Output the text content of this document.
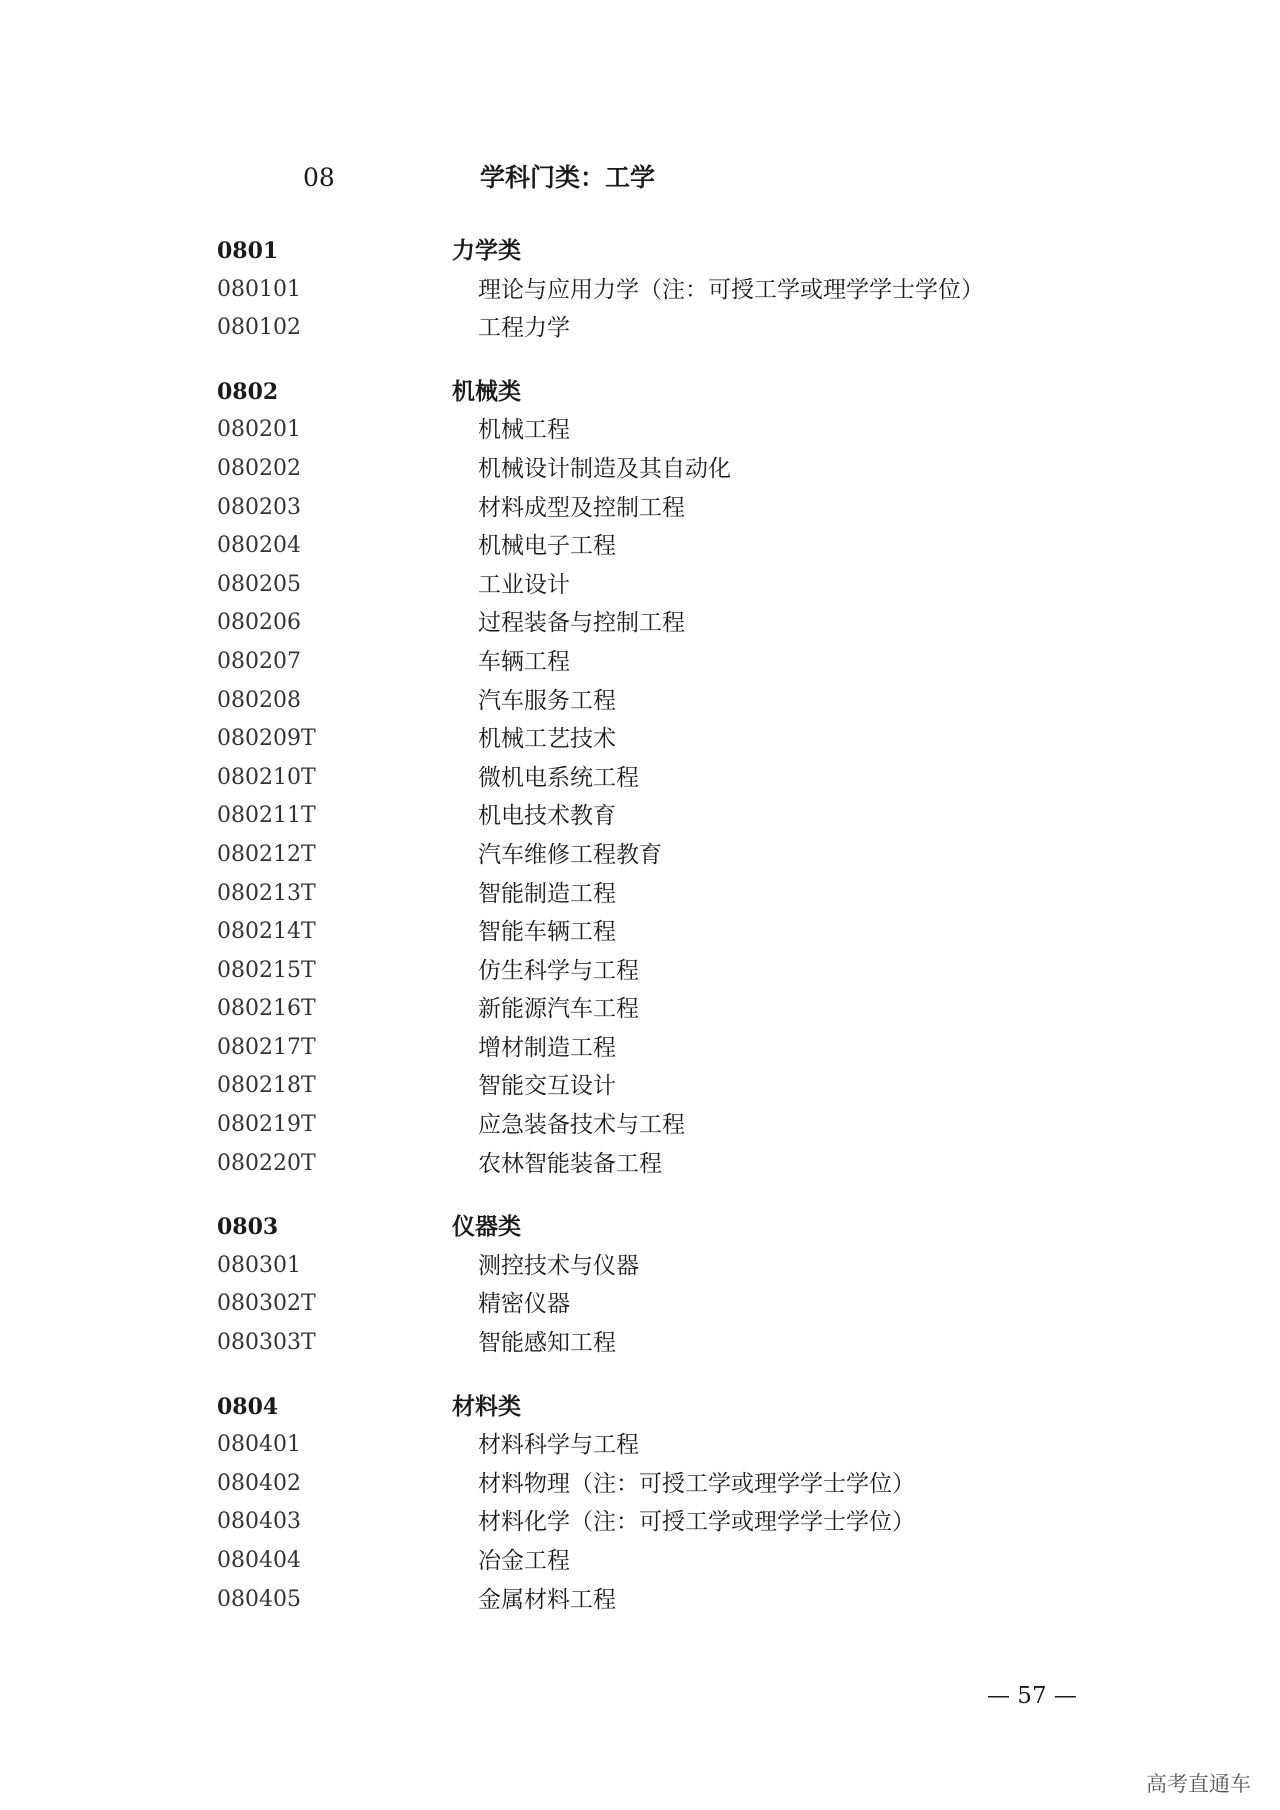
08	学科门类：工学
0801	力学类
080101	理论与应用力学（注：可授工学或理学学士学位）
080102	工程力学
0802	机械类
080201	机械工程
080202	机械设计制造及其自动化
080203	材料成型及控制工程
080204	机械电子工程
080205	工业设计
080206	过程装备与控制工程
080207	车辆工程
080208	汽车服务工程
080209T	机械工艺技术
080210T	微机电系统工程
080211T	机电技术教育
080212T	汽车维修工程教育
080213T	智能制造工程
080214T	智能车辆工程
080215T	仿生科学与工程
080216T	新能源汽车工程
080217T	增材制造工程
080218T	智能交互设计
080219T	应急装备技术与工程
080220T	农林智能装备工程
0803	仪器类
080301	测控技术与仪器
080302T	精密仪器
080303T	智能感知工程
0804	材料类
080401	材料科学与工程
080402	材料物理（注：可授工学或理学学士学位）
080403	材料化学（注：可授工学或理学学士学位）
080404	冶金工程
080405	金属材料工程
— 57 —
高考直通车
